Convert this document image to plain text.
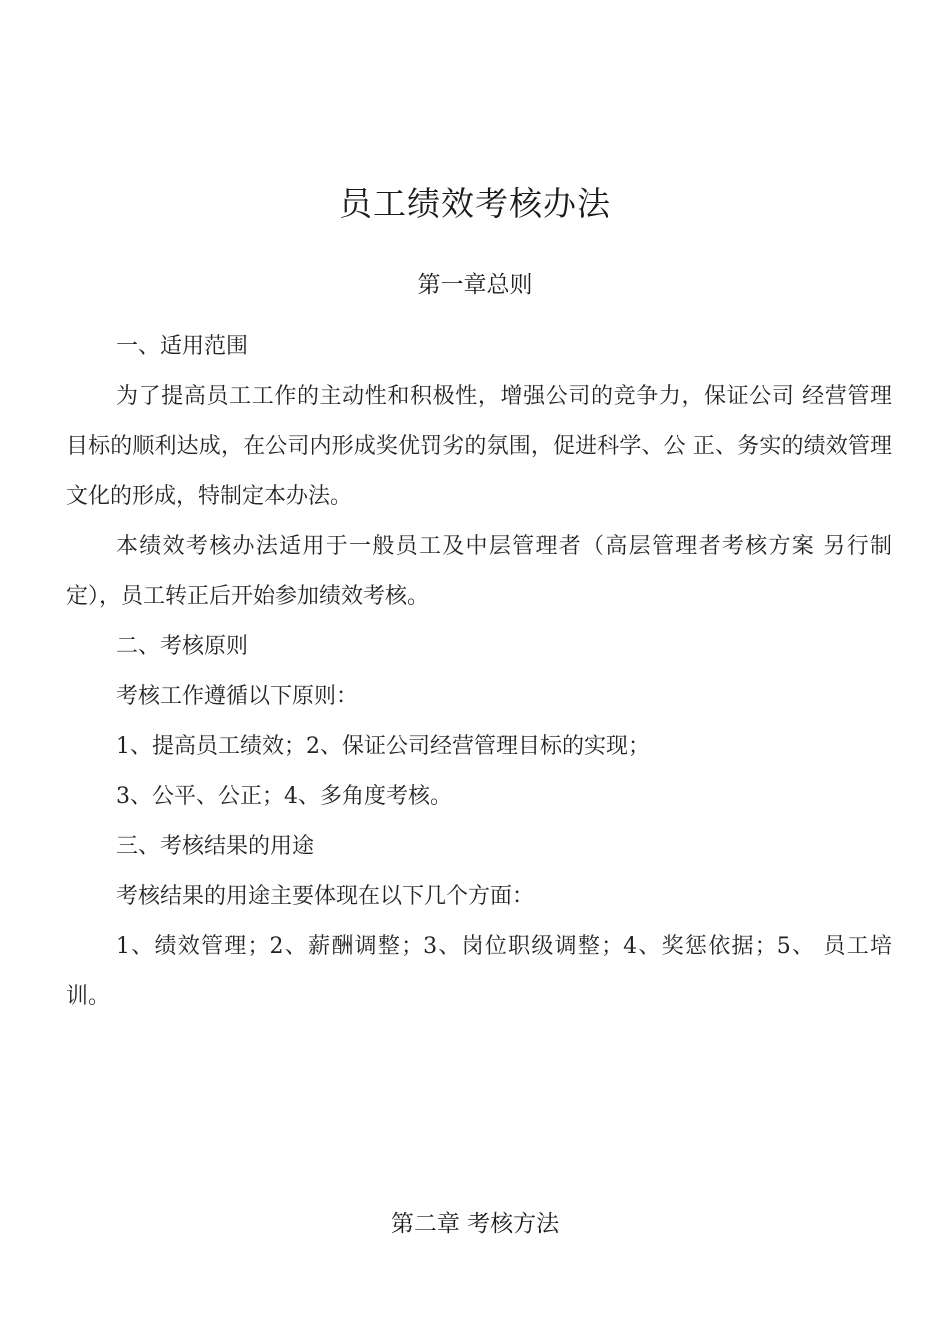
员工绩效考核办法
第一章总则

一、适用范围

为了提高员工工作的主动性和积极性，增强公司的竞争力，保证公司 经营管理目标的顺利达成，在公司内形成奖优罚劣的氛围，促进科学、公 正、务实的绩效管理文化的形成，特制定本办法。

本绩效考核办法适用于一般员工及中层管理者（高层管理者考核方案 另行制定），员工转正后开始参加绩效考核。

二、考核原则

考核工作遵循以下原则：

1、提高员工绩效；2、保证公司经营管理目标的实现；

3、公平、公正；4、多角度考核。

三、考核结果的用途

考核结果的用途主要体现在以下几个方面：

1、绩效管理；2、薪酬调整；3、岗位职级调整；4、奖惩依据；5、 员工培训。

第二章 考核方法
